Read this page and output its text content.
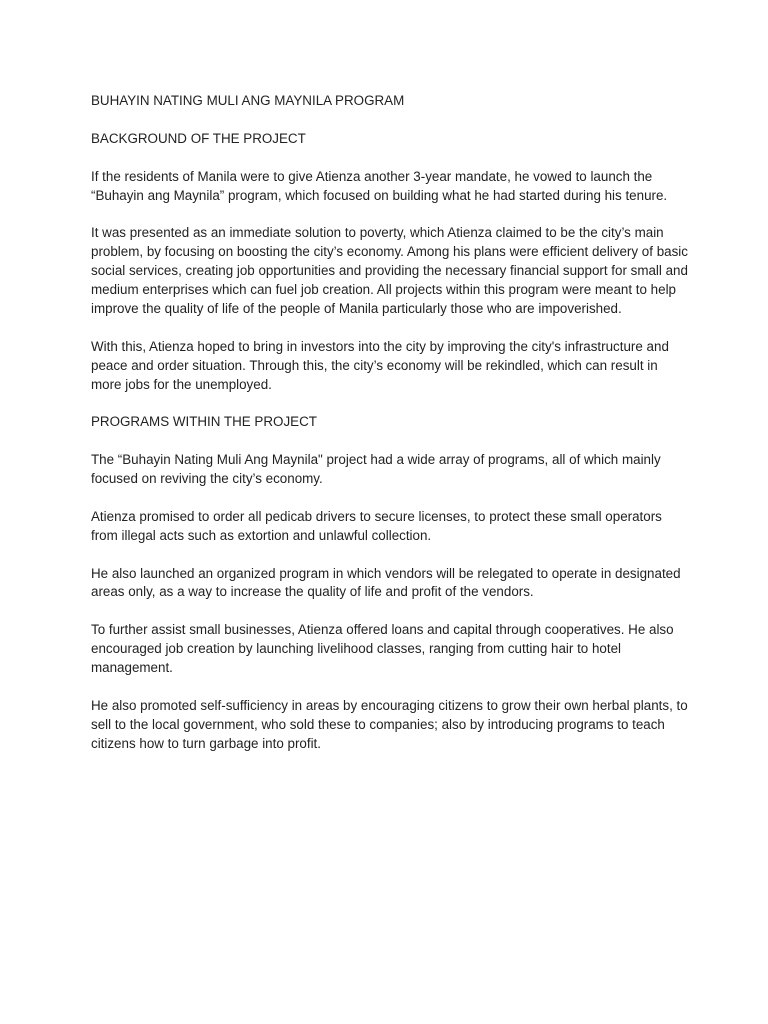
BUHAYIN NATING MULI ANG MAYNILA PROGRAM

BACKGROUND OF THE PROJECT

If the residents of Manila were to give Atienza another 3-year mandate, he vowed to launch the “Buhayin ang Maynila” program, which focused on building what he had started during his tenure.

It was presented as an immediate solution to poverty, which Atienza claimed to be the city’s main problem, by focusing on boosting the city’s economy. Among his plans were efficient delivery of basic social services, creating job opportunities and providing the necessary financial support for small and medium enterprises which can fuel job creation. All projects within this program were meant to help improve the quality of life of the people of Manila particularly those who are impoverished.

With this, Atienza hoped to bring in investors into the city by improving the city's infrastructure and peace and order situation. Through this, the city’s economy will be rekindled, which can result in more jobs for the unemployed.

PROGRAMS WITHIN THE PROJECT

The “Buhayin Nating Muli Ang Maynila" project had a wide array of programs, all of which mainly focused on reviving the city’s economy.

Atienza promised to order all pedicab drivers to secure licenses, to protect these small operators from illegal acts such as extortion and unlawful collection.

He also launched an organized program in which vendors will be relegated to operate in designated areas only, as a way to increase the quality of life and profit of the vendors.

To further assist small businesses, Atienza offered loans and capital through cooperatives. He also encouraged job creation by launching livelihood classes, ranging from cutting hair to hotel management.

He also promoted self-sufficiency in areas by encouraging citizens to grow their own herbal plants, to sell to the local government, who sold these to companies; also by introducing programs to teach citizens how to turn garbage into profit.
